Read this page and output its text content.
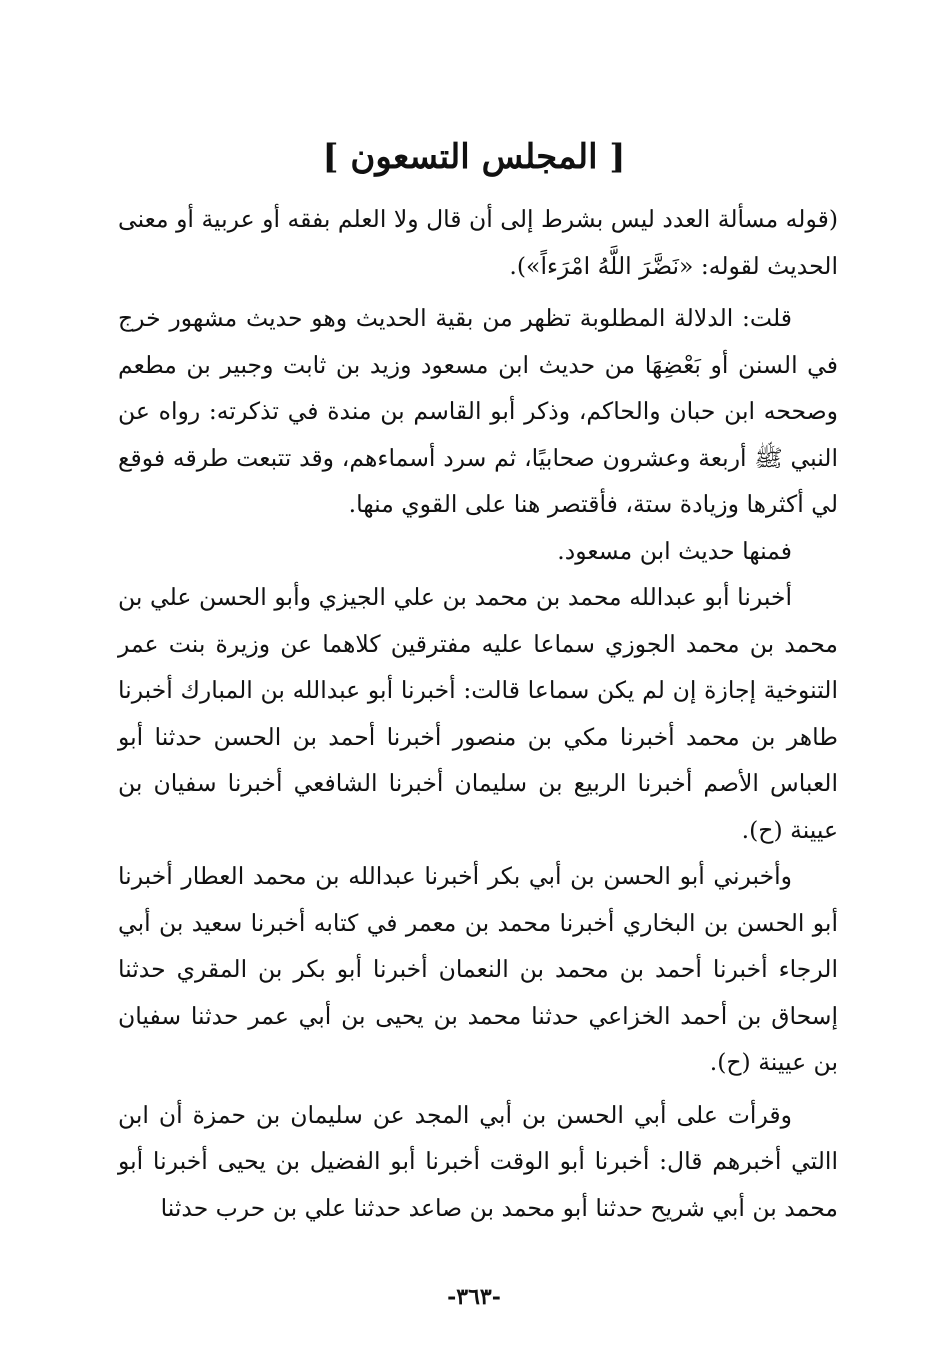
[ المجلس التسعون ]

(قوله مسألة العدد ليس بشرط إلى أن قال ولا العلم بفقه أو عربية أو معنى الحديث لقوله: «نَضَّرَ اللَّهُ امْرَءاً»).

قلت: الدلالة المطلوبة تظهر من بقية الحديث وهو حديث مشهور خرج في السنن أو بَعْضِهَا من حديث ابن مسعود وزيد بن ثابت وجبير بن مطعم وصححه ابن حبان والحاكم، وذكر أبو القاسم بن مندة في تذكرته: رواه عن النبي ﷺ أربعة وعشرون صحابيًا، ثم سرد أسماءهم، وقد تتبعت طرقه فوقع لي أكثرها وزيادة ستة، فأقتصر هنا على القوي منها.

فمنها حديث ابن مسعود.

أخبرنا أبو عبدالله محمد بن محمد بن علي الجيزي وأبو الحسن علي بن محمد بن محمد الجوزي سماعا عليه مفترقين كلاهما عن وزيرة بنت عمر التنوخية إجازة إن لم يكن سماعا قالت: أخبرنا أبو عبدالله بن المبارك أخبرنا طاهر بن محمد أخبرنا مكي بن منصور أخبرنا أحمد بن الحسن حدثنا أبو العباس الأصم أخبرنا الربيع بن سليمان أخبرنا الشافعي أخبرنا سفيان بن عيينة (ح).

وأخبرني أبو الحسن بن أبي بكر أخبرنا عبدالله بن محمد العطار أخبرنا أبو الحسن بن البخاري أخبرنا محمد بن معمر في كتابه أخبرنا سعيد بن أبي الرجاء أخبرنا أحمد بن محمد بن النعمان أخبرنا أبو بكر بن المقري حدثنا إسحاق بن أحمد الخزاعي حدثنا محمد بن يحيى بن أبي عمر حدثنا سفيان بن عيينة (ح).

وقرأت على أبي الحسن بن أبي المجد عن سليمان بن حمزة أن ابن االتي أخبرهم قال: أخبرنا أبو الوقت أخبرنا أبو الفضيل بن يحيى أخبرنا أبو محمد بن أبي شريح حدثنا أبو محمد بن صاعد حدثنا علي بن حرب حدثنا

-٣٦٣-
